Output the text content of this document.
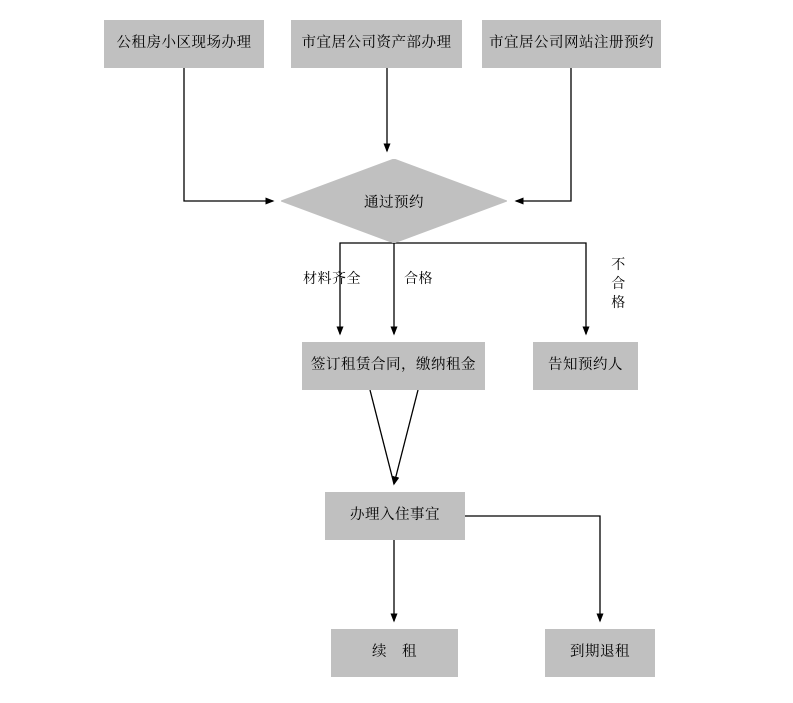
公租房小区现场办理	市宜居公司资产部办理	市宜居公司网站注册预约
通过预约
签订租赁合同，缴纳租金	告知预约人
办理入住事宜
续　租	到期退租
材料齐全	合格
不合格
